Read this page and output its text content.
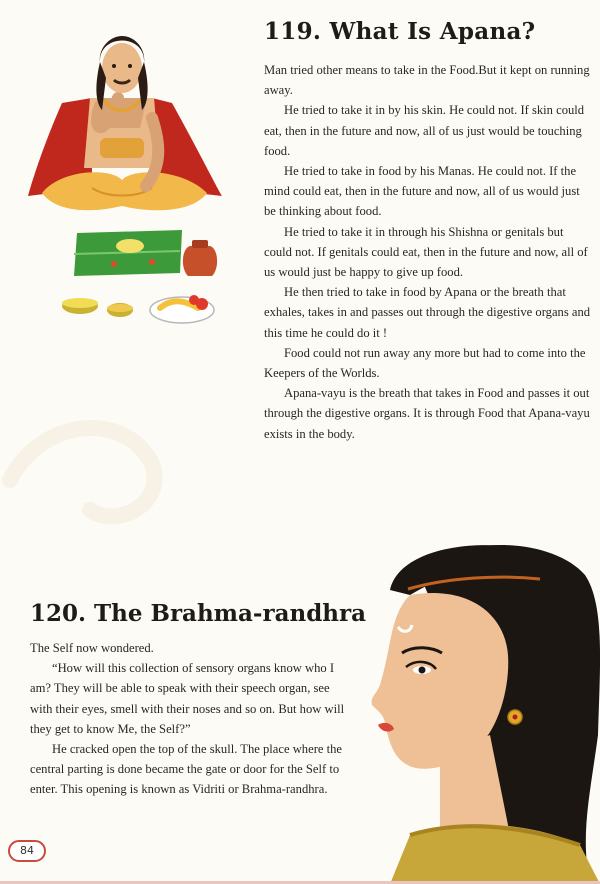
119. What Is Apana?

Man tried other means to take in the Food.But it kept on running away.

He tried to take it in by his skin. He could not. If skin could eat, then in the future and now, all of us just would be touching food.

He tried to take in food by his Manas. He could not. If the mind could eat, then in the future and now, all of us would just be thinking about food.

He tried to take it in through his Shishna or genitals but could not. If genitals could eat, then in the future and now, all of us would just be happy to give up food.

He then tried to take in food by Apana or the breath that exhales, takes in and passes out through the digestive organs and this time he could do it !

Food could not run away any more but had to come into the Keepers of the Worlds.

Apana-vayu is the breath that takes in Food and passes it out through the digestive organs. It is through Food that Apana-vayu exists in the body.

120. The Brahma-randhra

The Self now wondered.

“How will this collection of sensory organs know who I am? They will be able to speak with their speech organ, see with their eyes, smell with their noses and so on. But how will they get to know Me, the Self?”

He cracked open the top of the skull. The place where the central parting is done became the gate or door for the Self to enter. This opening is known as Vidriti or Brahma-randhra.

84
